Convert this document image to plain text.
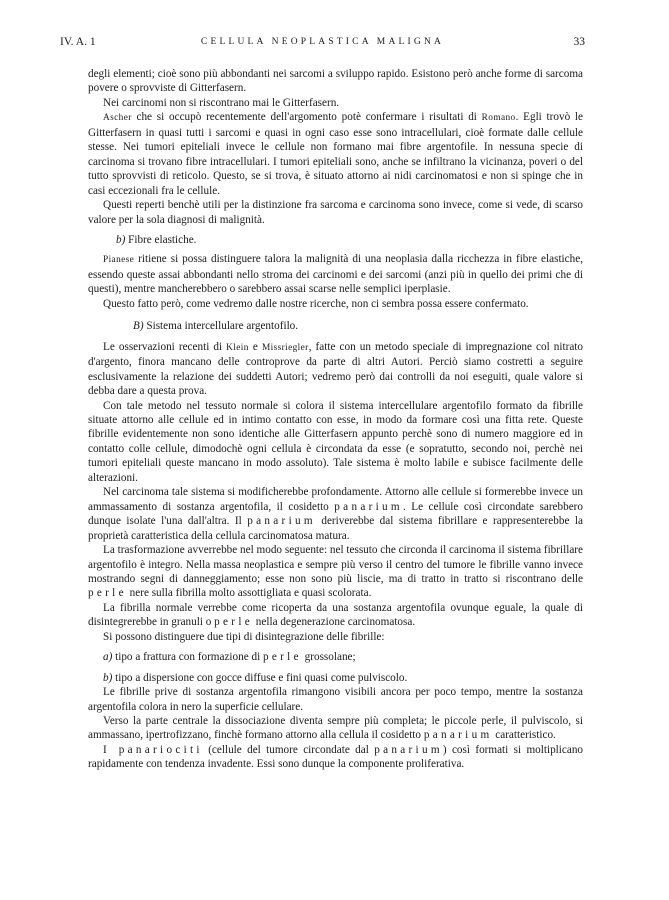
IV. A. 1	CELLULA NEOPLASTICA MALIGNA	33

degli elementi; cioè sono più abbondanti nei sarcomi a sviluppo rapido. Esistono però anche forme di sarcoma povere o sprovviste di Gitterfasern.

Nei carcinomi non si riscontrano mai le Gitterfasern.

Ascher che si occupò recentemente dell'argomento potè confermare i risultati di Romano. Egli trovò le Gitterfasern in quasi tutti i sarcomi e quasi in ogni caso esse sono intracellulari, cioè formate dalle cellule stesse. Nei tumori epiteliali invece le cellule non formano mai fibre argentofile. In nessuna specie di carcinoma si trovano fibre intracellulari. I tumori epiteliali sono, anche se infiltrano la vicinanza, poveri o del tutto sprovvisti di reticolo. Questo, se si trova, è situato attorno ai nidi carcinomatosi e non si spinge che in casi eccezionali fra le cellule.

Questi reperti benchè utili per la distinzione fra sarcoma e carcinoma sono invece, come si vede, di scarso valore per la sola diagnosi di malignità.

b) Fibre elastiche.

Pianese ritiene si possa distinguere talora la malignità di una neoplasia dalla ricchezza in fibre elastiche, essendo queste assai abbondanti nello stroma dei carcinomi e dei sarcomi (anzi più in quello dei primi che di questi), mentre mancherebbero o sarebbero assai scarse nelle semplici iperplasie.

Questo fatto però, come vedremo dalle nostre ricerche, non ci sembra possa essere confermato.

B) Sistema intercellulare argentofilo.

Le osservazioni recenti di Klein e Missriegler, fatte con un metodo speciale di impregnazione col nitrato d'argento, finora mancano delle controprove da parte di altri Autori. Perciò siamo costretti a seguire esclusivamente la relazione dei suddetti Autori; vedremo però dai controlli da noi eseguiti, quale valore si debba dare a questa prova.

Con tale metodo nel tessuto normale si colora il sistema intercellulare argentofilo formato da fibrille situate attorno alle cellule ed in intimo contatto con esse, in modo da formare così una fitta rete. Queste fibrille evidentemente non sono identiche alle Gitterfasern appunto perchè sono di numero maggiore ed in contatto colle cellule, dimodochè ogni cellula è circondata da esse (e sopratutto, secondo noi, perchè nei tumori epiteliali queste mancano in modo assoluto). Tale sistema è molto labile e subisce facilmente delle alterazioni.

Nel carcinoma tale sistema si modificherebbe profondamente. Attorno alle cellule si formerebbe invece un ammassamento di sostanza argentofila, il cosidetto panarium. Le cellule così circondate sarebbero dunque isolate l'una dall'altra. Il panarium deriverebbe dal sistema fibrillare e rappresenterebbe la proprietà caratteristica della cellula carcinomatosa matura.

La trasformazione avverrebbe nel modo seguente: nel tessuto che circonda il carcinoma il sistema fibrillare argentofilo è integro. Nella massa neoplastica e sempre più verso il centro del tumore le fibrille vanno invece mostrando segni di danneggiamento; esse non sono più liscie, ma di tratto in tratto si riscontrano delle perle nere sulla fibrilla molto assottigliata e quasi scolorata.

La fibrilla normale verrebbe come ricoperta da una sostanza argentofila ovunque eguale, la quale di disintegrerebbe in granuli o perle nella degenerazione carcinomatosa.

Si possono distinguere due tipi di disintegrazione delle fibrille:

a) tipo a frattura con formazione di perle grossolane;

b) tipo a dispersione con gocce diffuse e fini quasi come pulviscolo.

Le fibrille prive di sostanza argentofila rimangono visibili ancora per poco tempo, mentre la sostanza argentofila colora in nero la superficie cellulare.

Verso la parte centrale la dissociazione diventa sempre più completa; le piccole perle, il pulviscolo, si ammassano, ipertrofizzano, finchè formano attorno alla cellula il cosidetto panarium caratteristico.

I panariociti (cellule del tumore circondate dal panarium) così formati si moltiplicano rapidamente con tendenza invadente. Essi sono dunque la componente proliferativa.
